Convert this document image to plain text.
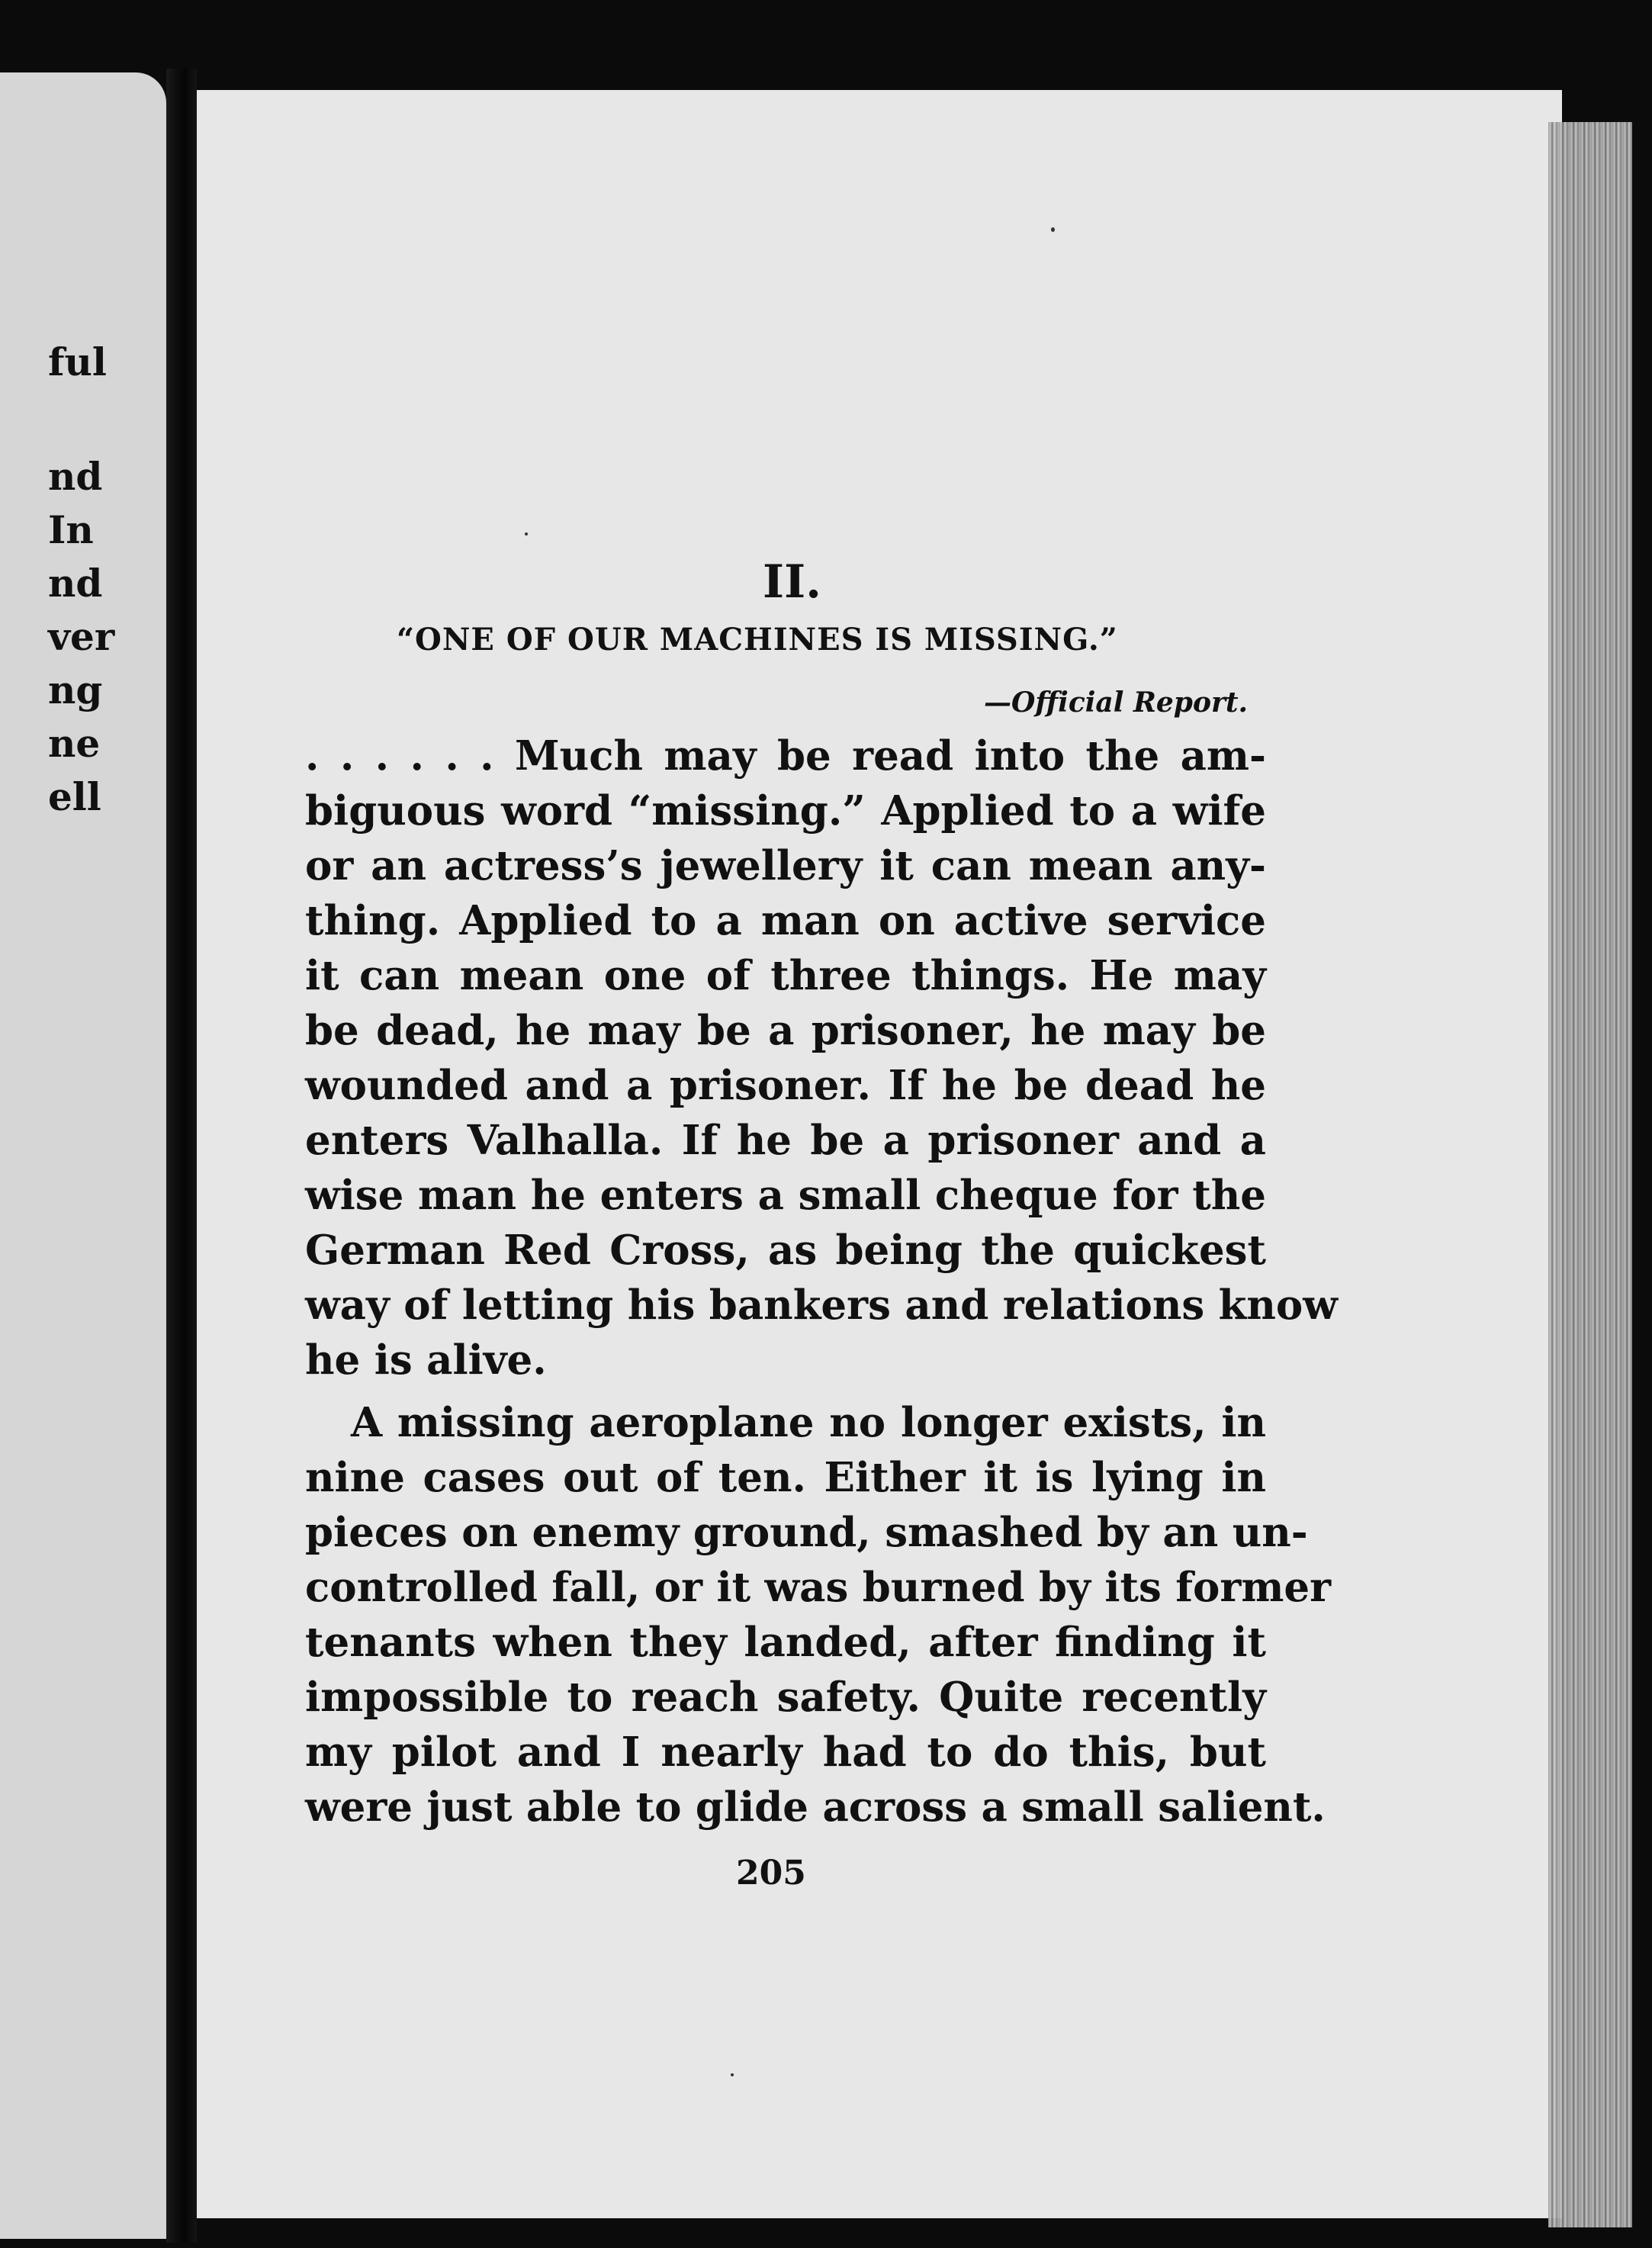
ful
nd
In
nd
ver
ng
ne
ell
II.
“ONE OF OUR MACHINES IS MISSING.”
—Official Report.
. . . . . . Much may be read into the am-
biguous word “missing.” Applied to a wife
or an actress’s jewellery it can mean any-
thing. Applied to a man on active service
it can mean one of three things. He may
be dead, he may be a prisoner, he may be
wounded and a prisoner. If he be dead he
enters Valhalla. If he be a prisoner and a
wise man he enters a small cheque for the
German Red Cross, as being the quickest
way of letting his bankers and relations know
he is alive.
A missing aeroplane no longer exists, in
nine cases out of ten. Either it is lying in
pieces on enemy ground, smashed by an un-
controlled fall, or it was burned by its former
tenants when they landed, after finding it
impossible to reach safety. Quite recently
my pilot and I nearly had to do this, but
were just able to glide across a small salient.
205
